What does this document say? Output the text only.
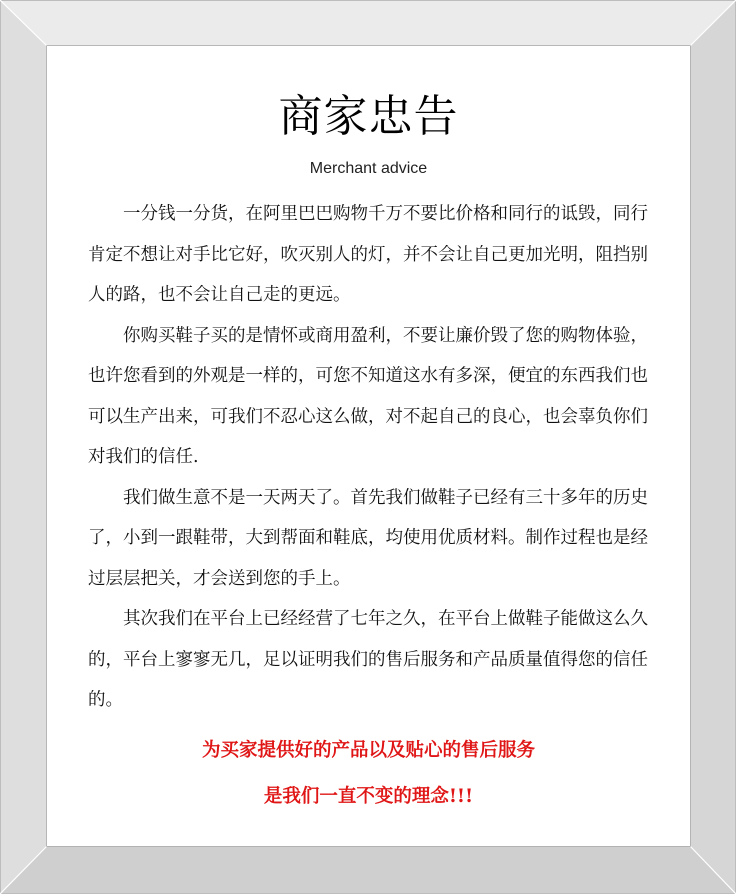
商家忠告
Merchant advice

一分钱一分货，在阿里巴巴购物千万不要比价格和同行的诋毁，同行肯定不想让对手比它好，吹灭别人的灯，并不会让自己更加光明，阻挡别人的路，也不会让自己走的更远。

你购买鞋子买的是情怀或商用盈利，不要让廉价毁了您的购物体验，也许您看到的外观是一样的，可您不知道这水有多深，便宜的东西我们也可以生产出来，可我们不忍心这么做，对不起自己的良心，也会辜负你们对我们的信任.

我们做生意不是一天两天了。首先我们做鞋子已经有三十多年的历史了，小到一跟鞋带，大到帮面和鞋底，均使用优质材料。制作过程也是经过层层把关，才会送到您的手上。

其次我们在平台上已经经营了七年之久，在平台上做鞋子能做这么久的，平台上寥寥无几，足以证明我们的售后服务和产品质量值得您的信任的。

为买家提供好的产品以及贴心的售后服务
是我们一直不变的理念!!!
